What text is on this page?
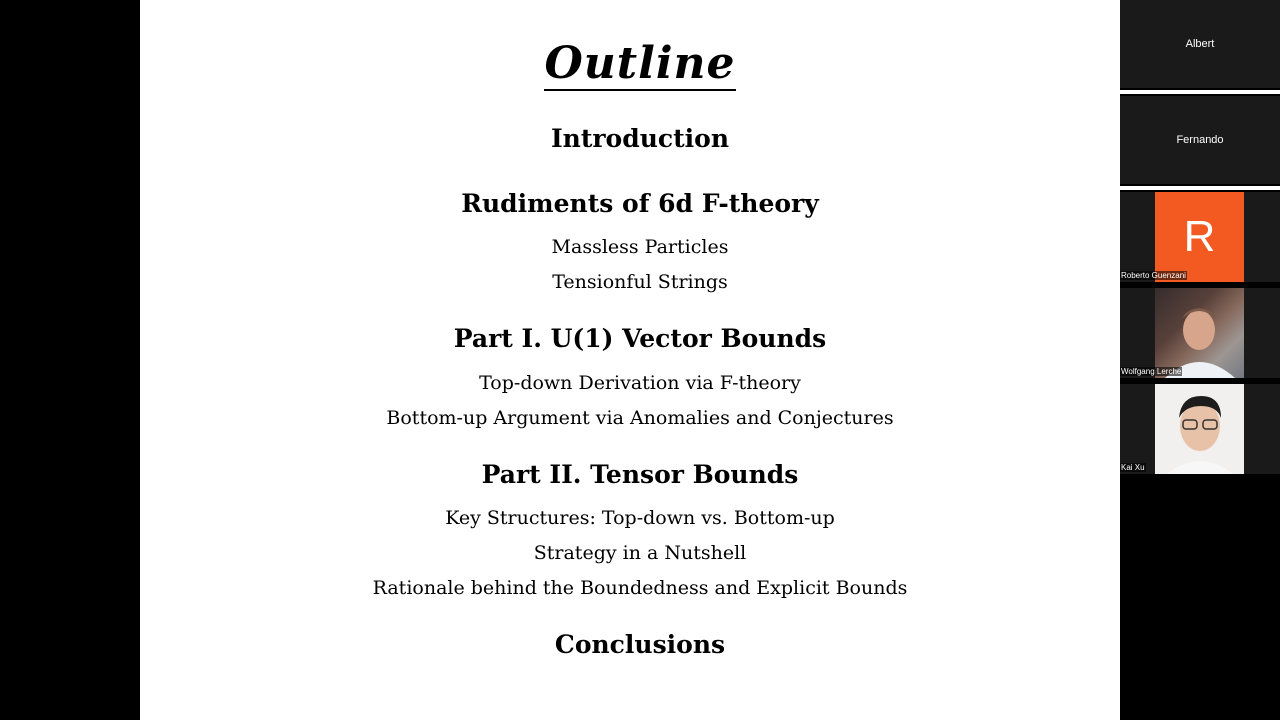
Outline
Introduction
Rudiments of 6d F-theory
Massless Particles
Tensionful Strings
Part I. U(1) Vector Bounds
Top-down Derivation via F-theory
Bottom-up Argument via Anomalies and Conjectures
Part II. Tensor Bounds
Key Structures: Top-down vs. Bottom-up
Strategy in a Nutshell
Rationale behind the Boundedness and Explicit Bounds
Conclusions
Albert
Fernando
R
Roberto Guenzani
Wolfgang Lerche
Kai Xu
